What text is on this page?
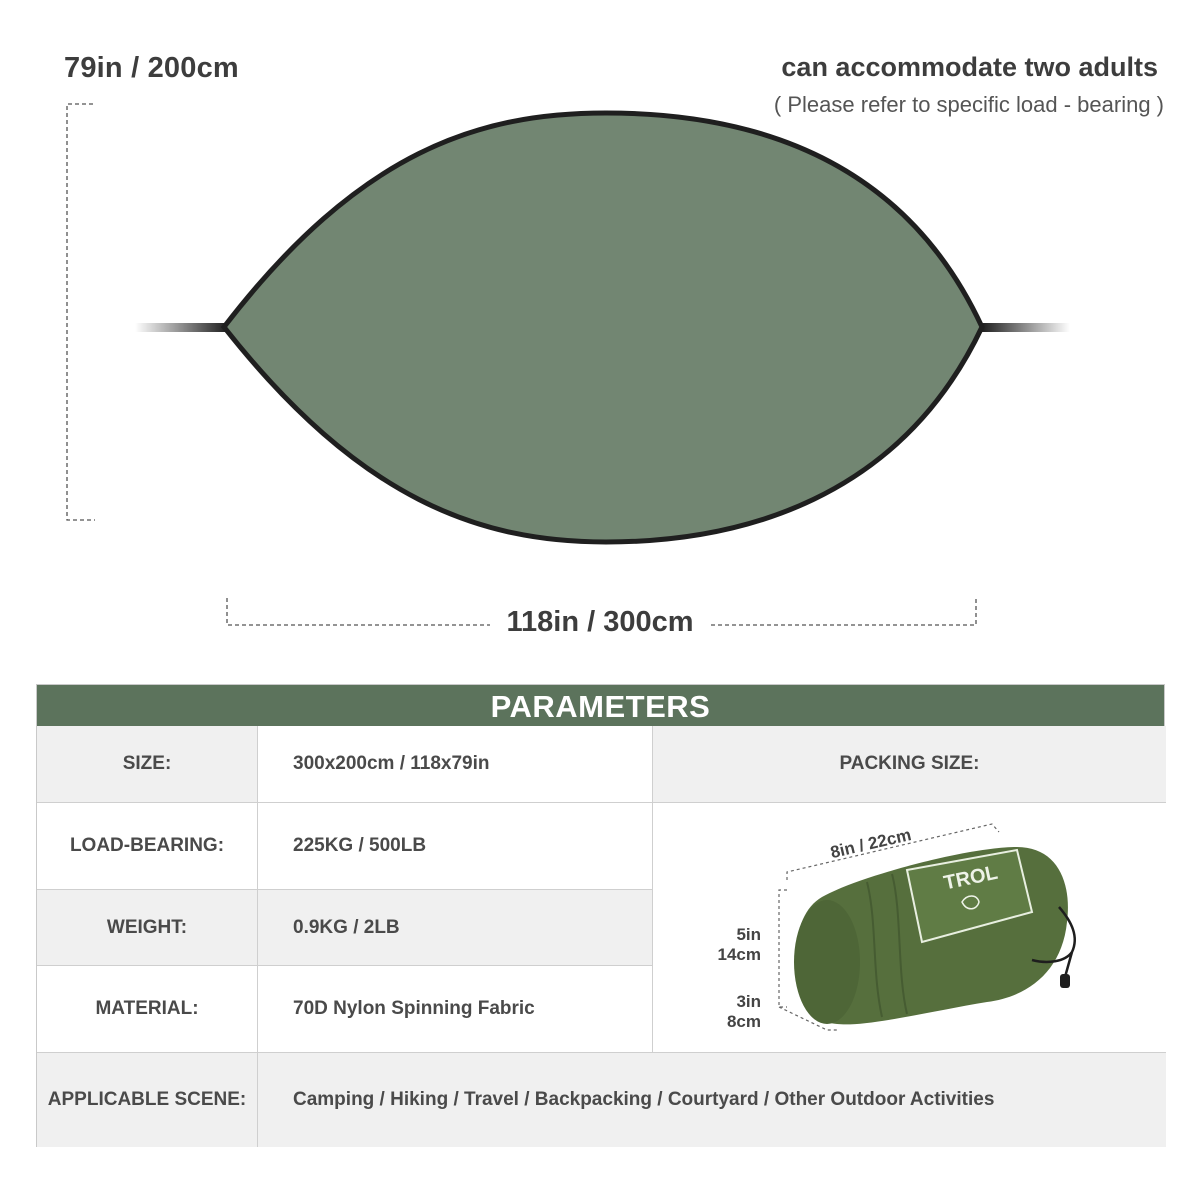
79in / 200cm	can accommodate two adults
( Please refer to specific load - bearing )
118in / 300cm
PARAMETERS
SIZE:	300x200cm / 118x79in	PACKING SIZE:
LOAD-BEARING:	225KG / 500LB
WEIGHT:	0.9KG / 2LB
MATERIAL:	70D Nylon Spinning Fabric
APPLICABLE SCENE:	Camping / Hiking / Travel / Backpacking / Courtyard / Other Outdoor Activities
8in / 22cm
5in
14cm
3in
8cm
TROL
